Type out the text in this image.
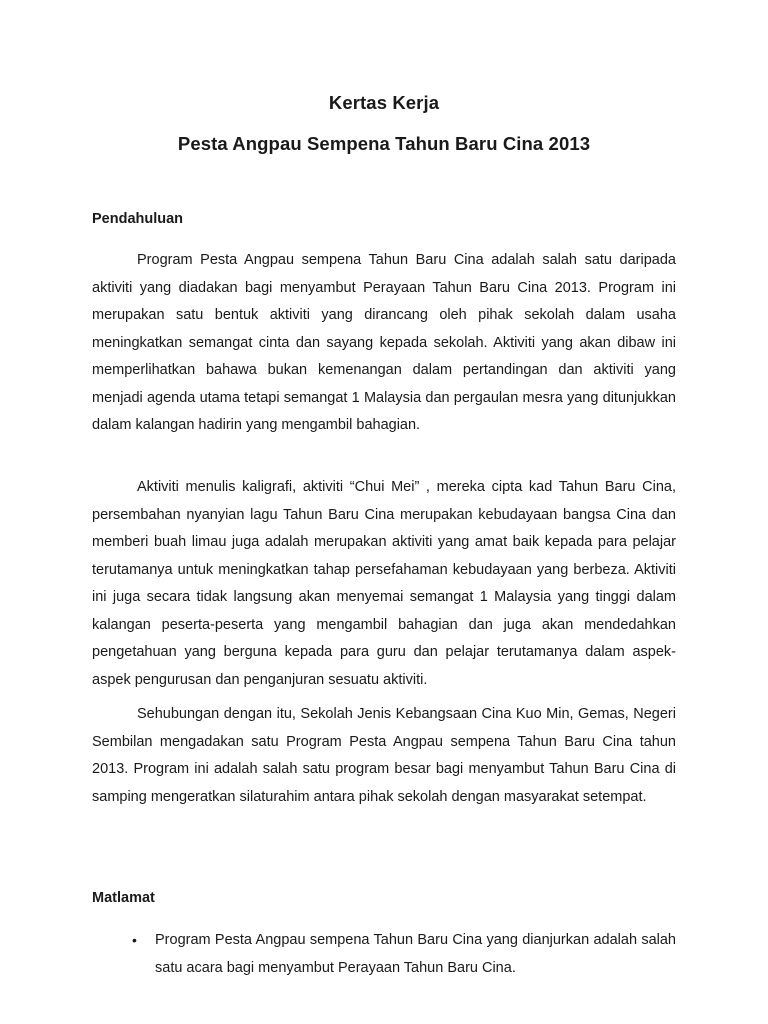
Kertas Kerja
Pesta Angpau Sempena Tahun Baru Cina 2013
Pendahuluan

Program Pesta Angpau sempena Tahun Baru Cina adalah salah satu daripada aktiviti yang diadakan bagi menyambut Perayaan Tahun Baru Cina 2013. Program ini merupakan satu bentuk aktiviti yang dirancang oleh pihak sekolah dalam usaha meningkatkan semangat cinta dan sayang kepada sekolah. Aktiviti yang akan dibaw ini memperlihatkan bahawa bukan kemenangan dalam pertandingan dan aktiviti yang menjadi agenda utama tetapi semangat 1 Malaysia dan pergaulan mesra yang ditunjukkan dalam kalangan hadirin yang mengambil bahagian.

Aktiviti menulis kaligrafi, aktiviti “Chui Mei” , mereka cipta kad Tahun Baru Cina, persembahan nyanyian lagu Tahun Baru Cina merupakan kebudayaan bangsa Cina dan memberi buah limau juga adalah merupakan aktiviti yang amat baik kepada para pelajar terutamanya untuk meningkatkan tahap persefahaman kebudayaan yang berbeza. Aktiviti ini juga secara tidak langsung akan menyemai semangat 1 Malaysia yang tinggi dalam kalangan peserta-peserta yang mengambil bahagian dan juga akan mendedahkan pengetahuan yang berguna kepada para guru dan pelajar terutamanya dalam aspek-aspek pengurusan dan penganjuran sesuatu aktiviti.

Sehubungan dengan itu, Sekolah Jenis Kebangsaan Cina Kuo Min, Gemas, Negeri Sembilan mengadakan satu Program Pesta Angpau sempena Tahun Baru Cina tahun 2013. Program ini adalah salah satu program besar bagi menyambut Tahun Baru Cina di samping mengeratkan silaturahim antara pihak sekolah dengan masyarakat setempat.

Matlamat
• Program Pesta Angpau sempena Tahun Baru Cina yang dianjurkan adalah salah satu acara bagi menyambut Perayaan Tahun Baru Cina.
